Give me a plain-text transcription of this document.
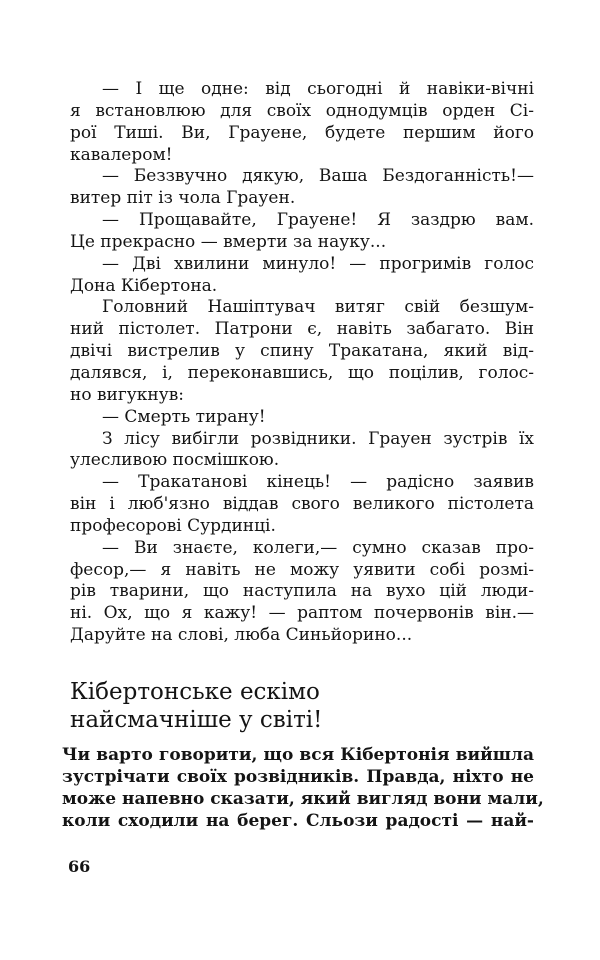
— І ще одне: від сьогодні й навіки-вічні
я встановлюю для своїх однодумців орден Сі-
рої Тиші. Ви, Грауене, будете першим його
кавалером!
— Беззвучно дякую, Ваша Бездоганність!—
витер піт із чола Грауен.
— Прощавайте, Грауене! Я заздрю вам.
Це прекрасно — вмерти за науку...
— Дві хвилини минуло! — прогримів голос
Дона Кібертона.
Головний Нашіптувач витяг свій безшум-
ний пістолет. Патрони є, навіть забагато. Він
двічі вистрелив у спину Тракатана, який від-
далявся, і, переконавшись, що поцілив, голос-
но вигукнув:
— Смерть тирану!
З лісу вибігли розвідники. Грауен зустрів їх
улесливою посмішкою.
— Тракатанові кінець! — радісно заявив
він і люб'язно віддав свого великого пістолета
професорові Сурдинці.
— Ви знаєте, колеги,— сумно сказав про-
фесор,— я навіть не можу уявити собі розмі-
рів тварини, що наступила на вухо цій люди-
ні. Ох, що я кажу! — раптом почервонів він.—
Даруйте на слові, люба Синьйорино...
Кібертонське ескімо
найсмачніше у світі!
Чи варто говорити, що вся Кібертонія вийшла
зустрічати своїх розвідників. Правда, ніхто не
може напевно сказати, який вигляд вони мали,
коли сходили на берег. Сльози радості — най-
66
